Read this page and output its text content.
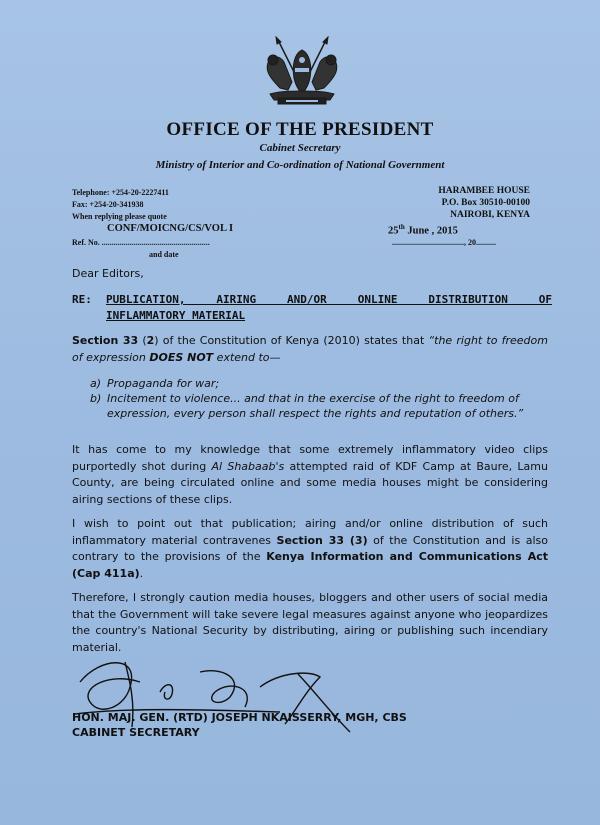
OFFICE OF THE PRESIDENT
Cabinet Secretary
Ministry of Interior and Co-ordination of National Government
Telephone: +254-20-2227411
Fax: +254-20-341938
When replying please quote
CONF/MOICNG/CS/VOL I
Ref. No. ......................................................
and date
HARAMBEE HOUSE
P.O. Box 30510-00100
NAIROBI, KENYA
25th June , 2015
...................................., 20..........
Dear Editors,
RE: PUBLICATION, AIRING AND/OR ONLINE DISTRIBUTION OF
INFLAMMATORY MATERIAL
Section 33 (2) of the Constitution of Kenya (2010) states that “the right to freedom of expression DOES NOT extend to—
a) Propaganda for war;
b) Incitement to violence... and that in the exercise of the right to freedom of expression, every person shall respect the rights and reputation of others.”
It has come to my knowledge that some extremely inflammatory video clips purportedly shot during Al Shabaab's attempted raid of KDF Camp at Baure, Lamu County, are being circulated online and some media houses might be considering airing sections of these clips.
I wish to point out that publication; airing and/or online distribution of such inflammatory material contravenes Section 33 (3) of the Constitution and is also contrary to the provisions of the Kenya Information and Communications Act (Cap 411a).
Therefore, I strongly caution media houses, bloggers and other users of social media that the Government will take severe legal measures against anyone who jeopardizes the country's National Security by distributing, airing or publishing such incendiary material.
HON. MAJ. GEN. (RTD) JOSEPH NKAISSERRY, MGH, CBS
CABINET SECRETARY
